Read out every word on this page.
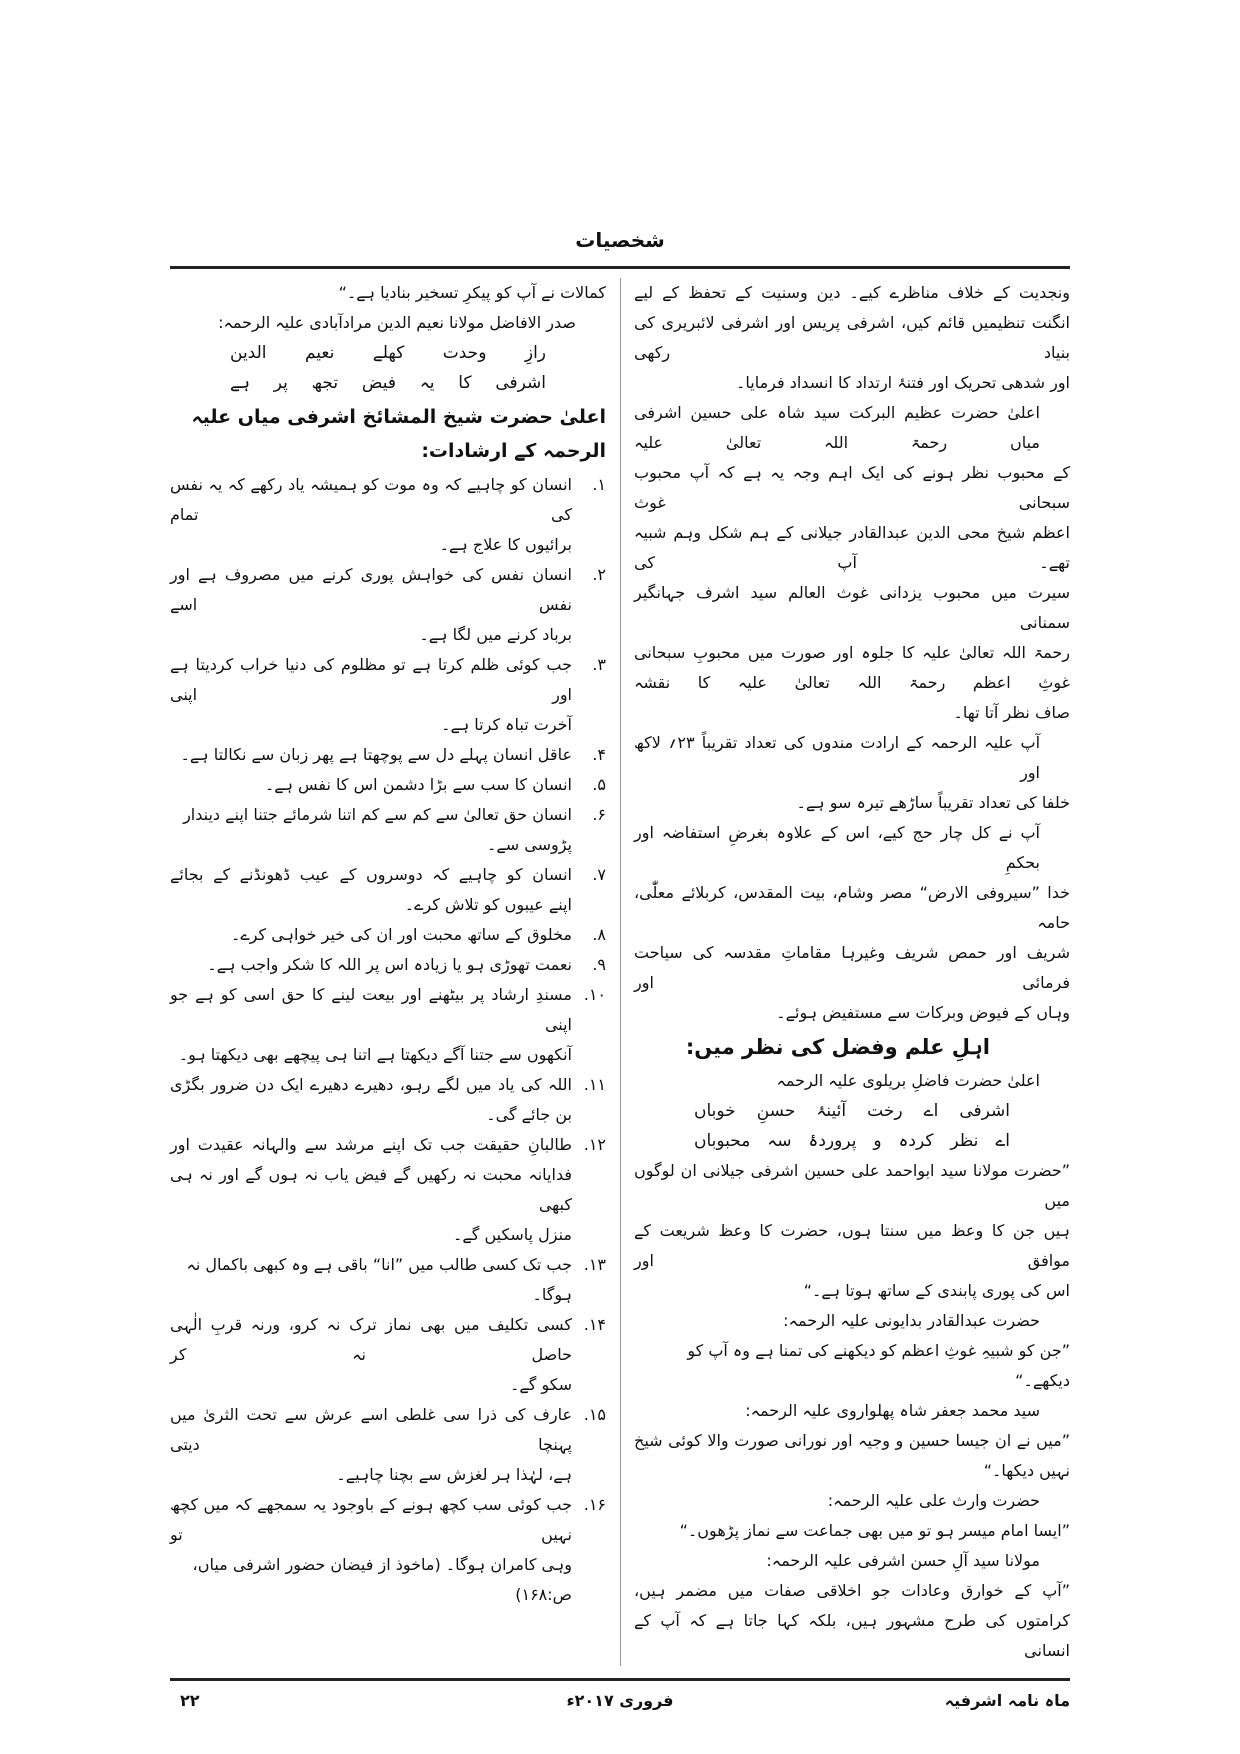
شخصیات
ونجدیت کے خلاف مناظرے کیے۔ دین وسنیت کے تحفظ کے لیے
انگنت تنظیمیں قائم کیں، اشرفی پریس اور اشرفی لائبریری کی بنیاد رکھی
اور شدھی تحریک اور فتنۂ ارتداد کا انسداد فرمایا۔
اعلیٰ حضرت عظیم البرکت سید شاہ علی حسین اشرفی میاں رحمۃ اللہ تعالیٰ علیہ
کے محبوب نظر ہونے کی ایک اہم وجہ یہ ہے کہ آپ محبوب سبحانی غوث
اعظم شیخ محی الدین عبدالقادر جیلانی کے ہم شکل وہم شبیہ تھے۔ آپ کی
سیرت میں محبوب یزدانی غوث العالم سید اشرف جہانگیر سمنانی
رحمۃ اللہ تعالیٰ علیہ کا جلوہ اور صورت میں محبوبِ سبحانی غوثِ اعظم رحمۃ اللہ تعالیٰ علیہ کا نقشہ
صاف نظر آتا تھا۔
آپ علیہ الرحمہ کے ارادت مندوں کی تعداد تقریباً ۲۳؍ لاکھ اور
خلفا کی تعداد تقریباً ساڑھے تیرہ سو ہے۔
آپ نے کل چار حج کیے، اس کے علاوہ بغرضِ استفاضہ اور بحکمِ
خدا ”سیروفی الارض“ مصر وشام، بیت المقدس، کربلائے معلّٰی، حامہ
شریف اور حمص شریف وغیرہا مقاماتِ مقدسہ کی سیاحت فرمائی اور
وہاں کے فیوض وبرکات سے مستفیض ہوئے۔
اہلِ علم وفضل کی نظر میں:
اعلیٰ حضرت فاضلِ بریلوی علیہ الرحمہ
اشرفی اے رخت آئینۂ حسنِ خوباں
اے نظر کردہ و پروردۂ سہ محبوباں
”حضرت مولانا سید ابواحمد علی حسین اشرفی جیلانی ان لوگوں میں
ہیں جن کا وعظ میں سنتا ہوں، حضرت کا وعظ شریعت کے موافق اور
اس کی پوری پابندی کے ساتھ ہوتا ہے۔“
حضرت عبدالقادر بدایونی علیہ الرحمہ:
”جن کو شبیہِ غوثِ اعظم کو دیکھنے کی تمنا ہے وہ آپ کو دیکھے۔“
سید محمد جعفر شاہ پھلواروی علیہ الرحمہ:
”میں نے ان جیسا حسین و وجیہ اور نورانی صورت والا کوئی شیخ
نہیں دیکھا۔“
حضرت وارث علی علیہ الرحمہ:
”ایسا امام میسر ہو تو میں بھی جماعت سے نماز پڑھوں۔“
مولانا سید آلِ حسن اشرفی علیہ الرحمہ:
”آپ کے خوارق وعادات جو اخلاقی صفات میں مضمر ہیں،
کرامتوں کی طرح مشہور ہیں، بلکہ کہا جاتا ہے کہ آپ کے انسانی
کمالات نے آپ کو پیکرِ تسخیر بنادیا ہے۔“
صدر الافاضل مولانا نعیم الدین مرادآبادی علیہ الرحمہ:
رازِ وحدت کھلے نعیم الدین
اشرفی کا یہ فیض تجھ پر ہے
اعلیٰ حضرت شیخ المشائخ اشرفی میاں علیہ الرحمہ کے ارشادات:
۱.
انسان کو چاہیے کہ وہ موت کو ہمیشہ یاد رکھے کہ یہ نفس کی تمام
برائیوں کا علاج ہے۔
۲.
انسان نفس کی خواہش پوری کرنے میں مصروف ہے اور نفس اسے
برباد کرنے میں لگا ہے۔
۳.
جب کوئی ظلم کرتا ہے تو مظلوم کی دنیا خراب کردیتا ہے اور اپنی
آخرت تباہ کرتا ہے۔
۴.
عاقل انسان پہلے دل سے پوچھتا ہے پھر زبان سے نکالتا ہے۔
۵.
انسان کا سب سے بڑا دشمن اس کا نفس ہے۔
۶.
انسان حق تعالیٰ سے کم سے کم اتنا شرمائے جتنا اپنے دیندار پڑوسی سے۔
۷.
انسان کو چاہیے کہ دوسروں کے عیب ڈھونڈنے کے بجائے
اپنے عیبوں کو تلاش کرے۔
۸.
مخلوق کے ساتھ محبت اور ان کی خیر خواہی کرے۔
۹.
نعمت تھوڑی ہو یا زیادہ اس پر اللہ کا شکر واجب ہے۔
۱۰.
مسندِ ارشاد پر بیٹھنے اور بیعت لینے کا حق اسی کو ہے جو اپنی
آنکھوں سے جتنا آگے دیکھتا ہے اتنا ہی پیچھے بھی دیکھتا ہو۔
۱۱.
اللہ کی یاد میں لگے رہو، دھیرے دھیرے ایک دن ضرور بگڑی
بن جائے گی۔
۱۲.
طالبانِ حقیقت جب تک اپنے مرشد سے والہانہ عقیدت اور
فدایانہ محبت نہ رکھیں گے فیض یاب نہ ہوں گے اور نہ ہی کبھی
منزل پاسکیں گے۔
۱۳.
جب تک کسی طالب میں ”انا“ باقی ہے وہ کبھی باکمال نہ ہوگا۔
۱۴.
کسی تکلیف میں بھی نماز ترک نہ کرو، ورنہ قربِ الٰہی حاصل نہ کر
سکو گے۔
۱۵.
عارف کی ذرا سی غلطی اسے عرش سے تحت الثریٰ میں پہنچا دیتی
ہے، لہٰذا ہر لغزش سے بچنا چاہیے۔
۱۶.
جب کوئی سب کچھ ہونے کے باوجود یہ سمجھے کہ میں کچھ نہیں تو
وہی کامران ہوگا۔ (ماخوذ از فیضان حضور اشرفی میاں، ص:۱۶۸)
ماہ نامہ اشرفیہ
فروری ۲۰۱۷ء
۲۲
